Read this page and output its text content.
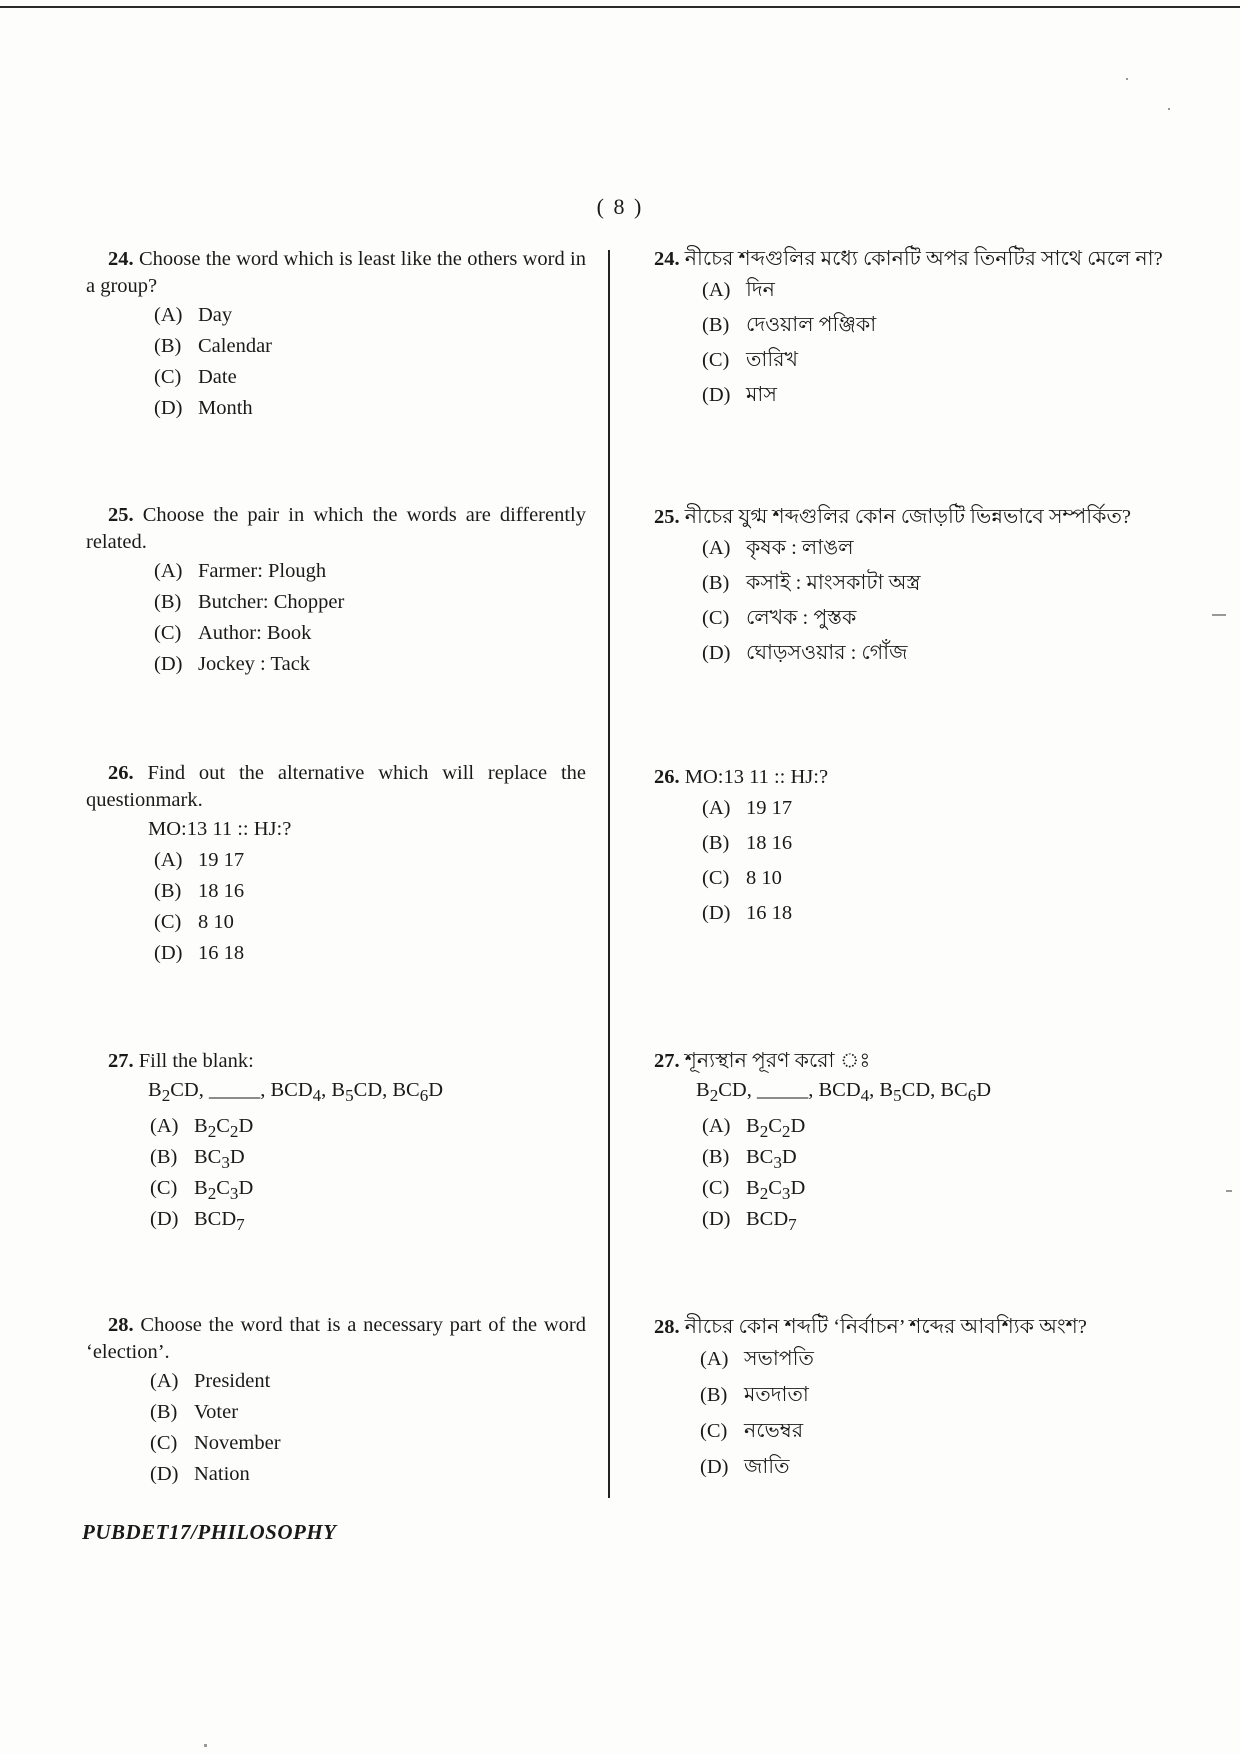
( 8 )
24. Choose the word which is least like the others word in a group?
(A) Day
(B) Calendar
(C) Date
(D) Month
25. Choose the pair in which the words are differently related.
(A) Farmer: Plough
(B) Butcher: Chopper
(C) Author: Book
(D) Jockey : Tack
26. Find out the alternative which will replace the questionmark.
MO:13 11 :: HJ:?
(A) 19 17
(B) 18 16
(C) 8 10
(D) 16 18
27. Fill the blank:
$B_2CD$, _____, $BCD_4$, $B_5CD$, $BC_6D$
(A) $B_2C_2D$
(B) $BC_3D$
(C) $B_2C_3D$
(D) $BCD_7$
28. Choose the word that is a necessary part of the word ‘election’.
(A) President
(B) Voter
(C) November
(D) Nation
24. নীচের শব্দগুলির মধ্যে কোনটি অপর তিনটির সাথে মেলে না?
(A) দিন
(B) দেওয়াল পঞ্জিকা
(C) তারিখ
(D) মাস
25. নীচের যুগ্ম শব্দগুলির কোন জোড়টি ভিন্নভাবে সম্পর্কিত?
(A) কৃষক : লাঙল
(B) কসাই : মাংসকাটা অস্ত্র
(C) লেখক : পুস্তক
(D) ঘোড়সওয়ার : গোঁজ
26. MO:13 11 :: HJ:?
(A) 19 17
(B) 18 16
(C) 8 10
(D) 16 18
27. শূন্যস্থান পূরণ করো ঃ
$B_2CD$, _____, $BCD_4$, $B_5CD$, $BC_6D$
(A) $B_2C_2D$
(B) $BC_3D$
(C) $B_2C_3D$
(D) $BCD_7$
28. নীচের কোন শব্দটি ‘নির্বাচন’ শব্দের আবশ্যিক অংশ?
(A) সভাপতি
(B) মতদাতা
(C) নভেম্বর
(D) জাতি
PUBDET17/PHILOSOPHY
